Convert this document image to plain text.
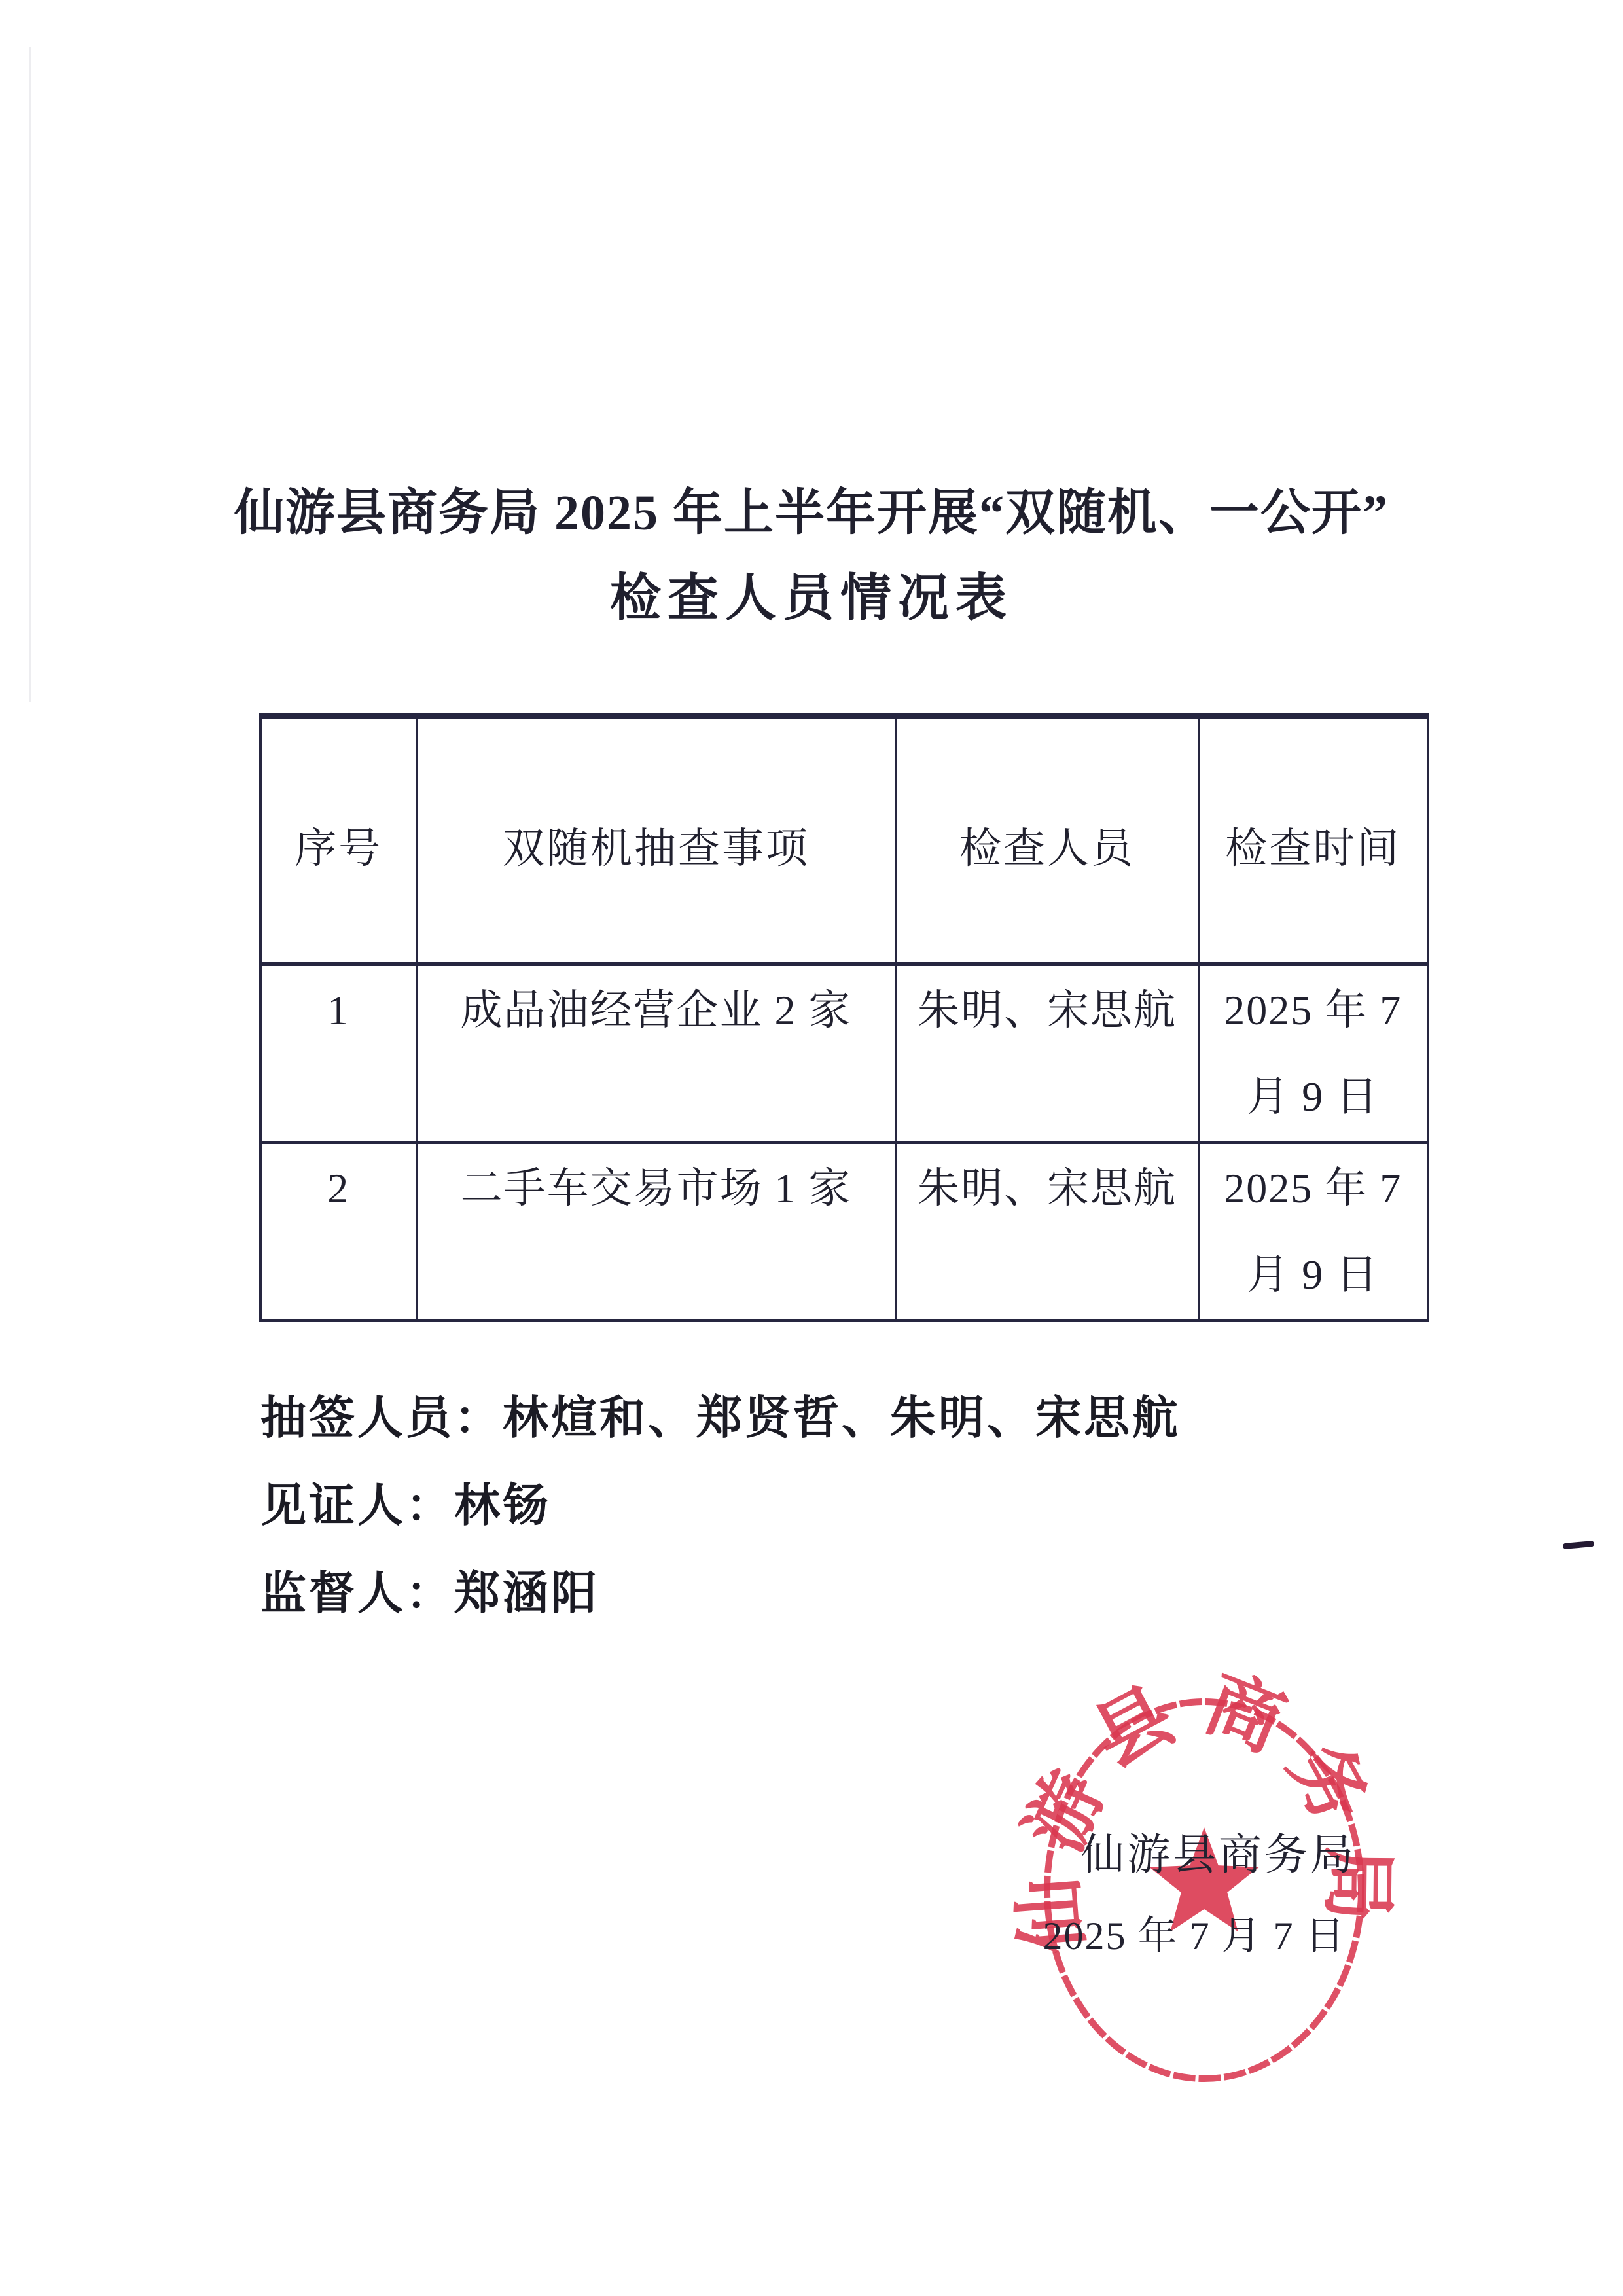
仙游县商务局 2025 年上半年开展“双随机、一公开”
检查人员情况表
序号	双随机抽查事项	检查人员	检查时间
1	成品油经营企业 2 家	朱明、宋思航	2025 年 7
月 9 日

2	二手车交易市场 1 家	朱明、宋思航	2025 年 7
月 9 日
抽签人员：林煊和、郑贤哲、朱明、宋思航
见证人：林钖
监督人：郑涵阳
仙游县商务局
仙游县商务局
2025 年 7 月 7 日
